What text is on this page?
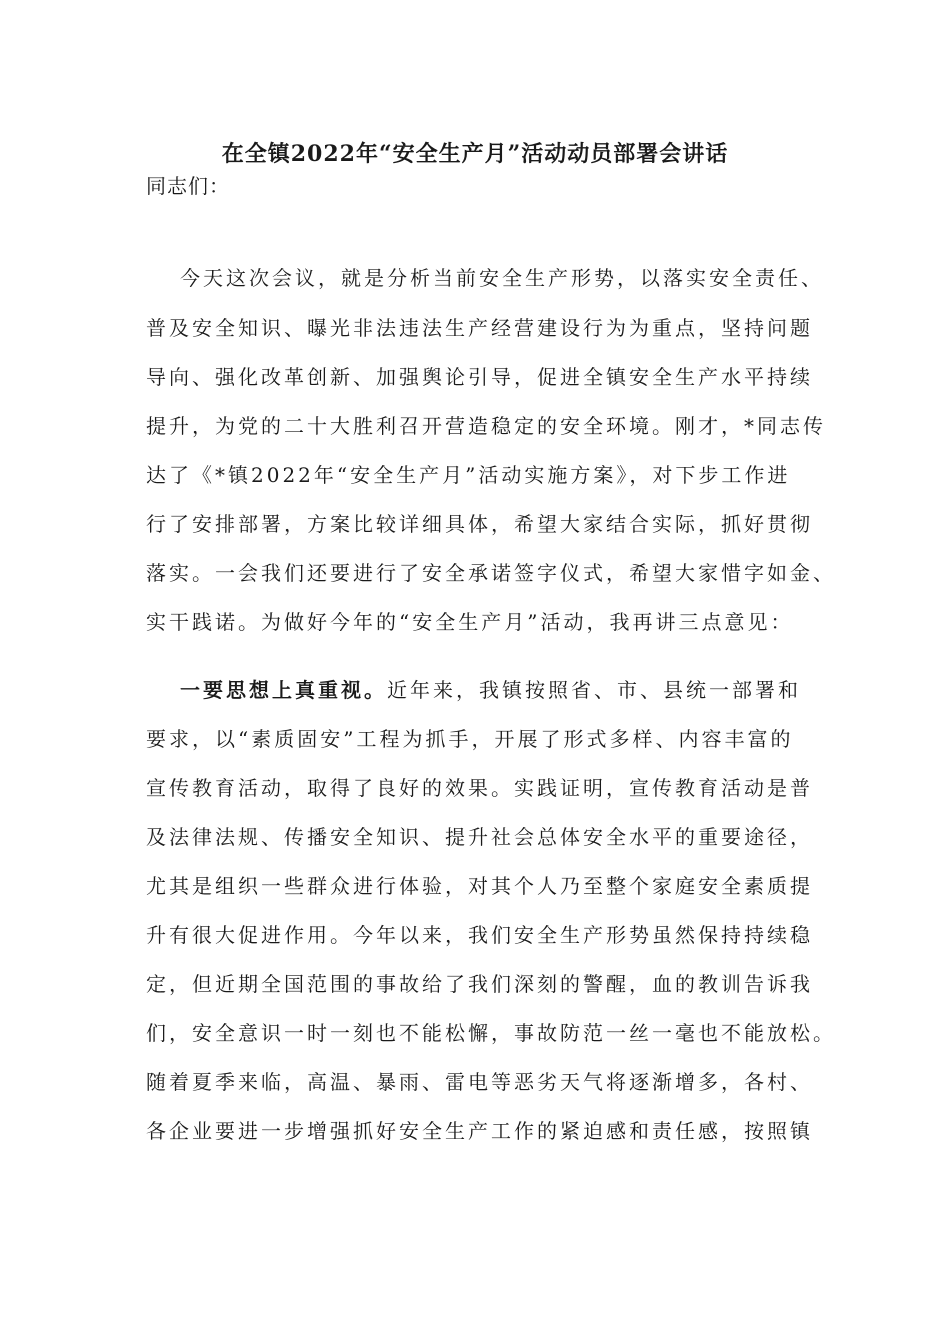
在全镇2022年“安全生产月”活动动员部署会讲话
同志们：
今天这次会议，就是分析当前安全生产形势，以落实安全责任、
普及安全知识、曝光非法违法生产经营建设行为为重点，坚持问题
导向、强化改革创新、加强舆论引导，促进全镇安全生产水平持续
提升，为党的二十大胜利召开营造稳定的安全环境。刚才，*同志传
达了《*镇2022年“安全生产月”活动实施方案》，对下步工作进
行了安排部署，方案比较详细具体，希望大家结合实际，抓好贯彻
落实。一会我们还要进行了安全承诺签字仪式，希望大家惜字如金、
实干践诺。为做好今年的“安全生产月”活动，我再讲三点意见：
一要思想上真重视。近年来，我镇按照省、市、县统一部署和
要求，以“素质固安”工程为抓手，开展了形式多样、内容丰富的
宣传教育活动，取得了良好的效果。实践证明，宣传教育活动是普
及法律法规、传播安全知识、提升社会总体安全水平的重要途径，
尤其是组织一些群众进行体验，对其个人乃至整个家庭安全素质提
升有很大促进作用。今年以来，我们安全生产形势虽然保持持续稳
定，但近期全国范围的事故给了我们深刻的警醒，血的教训告诉我
们，安全意识一时一刻也不能松懈，事故防范一丝一毫也不能放松。
随着夏季来临，高温、暴雨、雷电等恶劣天气将逐渐增多，各村、
各企业要进一步增强抓好安全生产工作的紧迫感和责任感，按照镇
